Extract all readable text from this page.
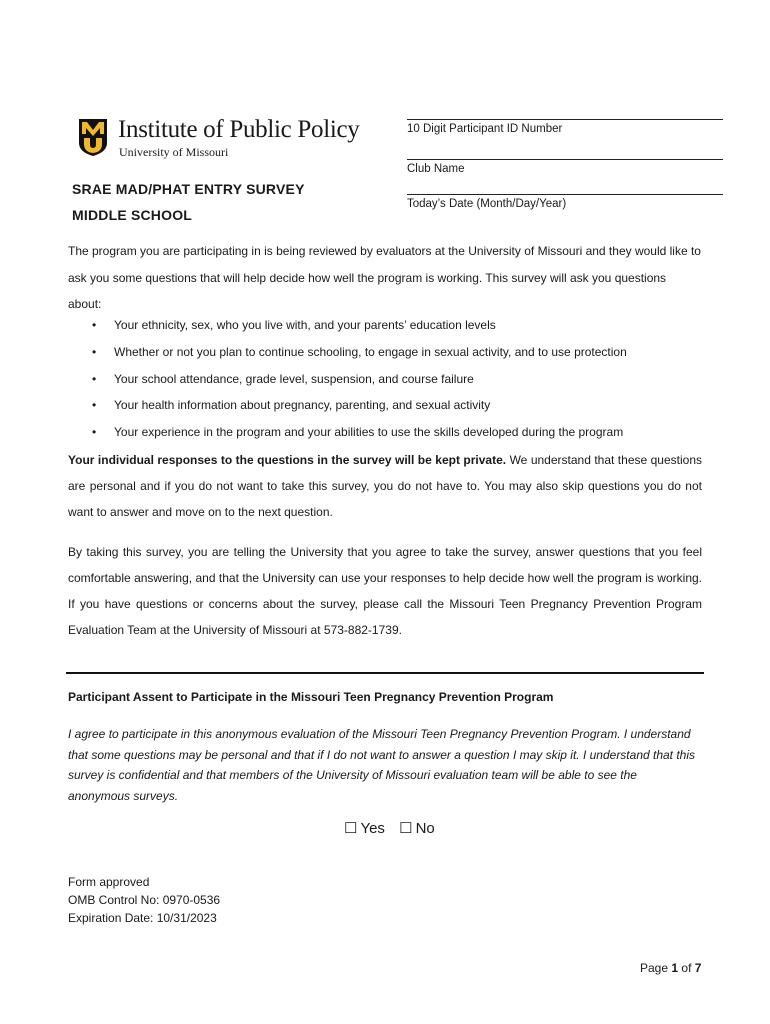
Institute of Public Policy
University of Missouri
SRAE MAD/PHAT ENTRY SURVEY
MIDDLE SCHOOL
10 Digit Participant ID Number
Club Name
Today’s Date (Month/Day/Year)

The program you are participating in is being reviewed by evaluators at the University of Missouri and they would like to ask you some questions that will help decide how well the program is working. This survey will ask you questions about:

• Your ethnicity, sex, who you live with, and your parents’ education levels
• Whether or not you plan to continue schooling, to engage in sexual activity, and to use protection
• Your school attendance, grade level, suspension, and course failure
• Your health information about pregnancy, parenting, and sexual activity
• Your experience in the program and your abilities to use the skills developed during the program

Your individual responses to the questions in the survey will be kept private. We understand that these questions are personal and if you do not want to take this survey, you do not have to. You may also skip questions you do not want to answer and move on to the next question.

By taking this survey, you are telling the University that you agree to take the survey, answer questions that you feel comfortable answering, and that the University can use your responses to help decide how well the program is working. If you have questions or concerns about the survey, please call the Missouri Teen Pregnancy Prevention Program Evaluation Team at the University of Missouri at 573-882-1739.

Participant Assent to Participate in the Missouri Teen Pregnancy Prevention Program

I agree to participate in this anonymous evaluation of the Missouri Teen Pregnancy Prevention Program. I understand that some questions may be personal and that if I do not want to answer a question I may skip it. I understand that this survey is confidential and that members of the University of Missouri evaluation team will be able to see the anonymous surveys.

☐ Yes ☐ No
Form approved
OMB Control No: 0970-0536
Expiration Date: 10/31/2023
Page 1 of 7
